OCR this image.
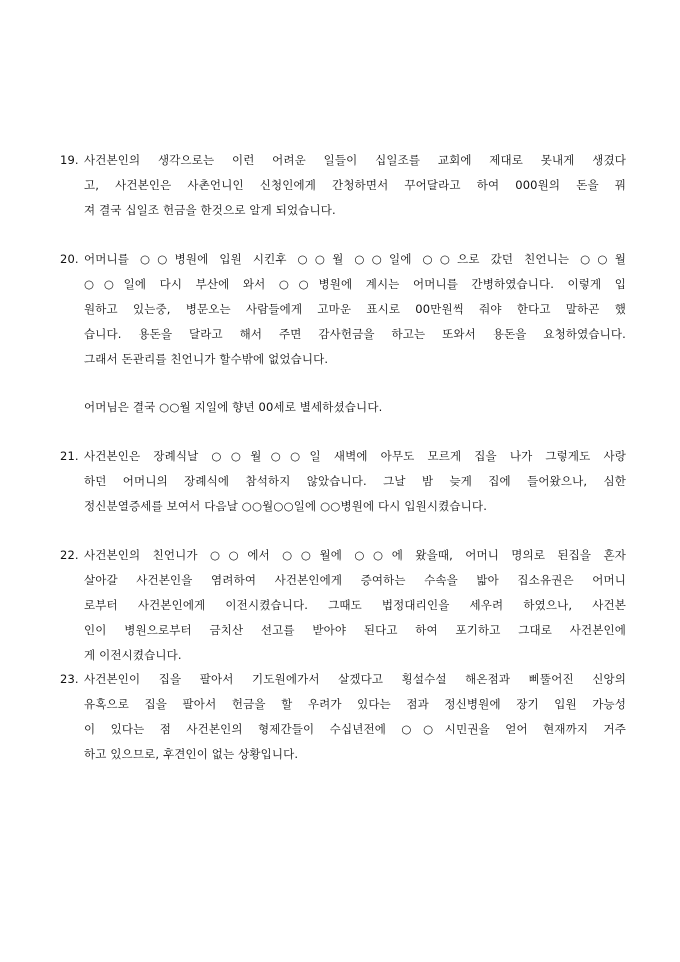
19. 사건본인의 생각으로는 이런 어려운 일들이 십일조를 교회에 제대로 못내게 생겼다
고, 사건본인은 사촌언니인 신청인에게 간청하면서 꾸어달라고 하여 000원의 돈을 꿔
져 결국 십일조 헌금을 한것으로 알게 되었습니다.
20. 어머니를 ○○병원에 입원 시킨후 ○○월 ○○일에 ○○으로 갔던 친언니는 ○○월
○○일에 다시 부산에 와서 ○○병원에 계시는 어머니를 간병하였습니다. 이렇게 입
원하고 있는중, 병문오는 사람들에게 고마운 표시로 00만원씩 줘야 한다고 말하곤 했
습니다. 용돈을 달라고 해서 주면 감사헌금을 하고는 또와서 용돈을 요청하였습니다.
그래서 돈관리를 친언니가 할수밖에 없었습니다.
어머님은 결국 ○○월 지일에 향년 00세로 별세하셨습니다.
21. 사건본인은 장례식날 ○○월○○일 새벽에 아무도 모르게 집을 나가 그렇게도 사랑
하던 어머니의 장례식에 참석하지 않았습니다. 그날 밤 늦게 집에 들어왔으나, 심한
정신분열증세를 보여서 다음날 ○○월○○일에 ○○병원에 다시 입원시켰습니다.
22. 사건본인의 친언니가 ○○에서 ○○월에 ○○에 왔을때, 어머니 명의로 된집을 혼자
살아갈 사건본인을 염려하여 사건본인에게 증여하는 수속을 밟아 집소유권은 어머니
로부터 사건본인에게 이전시켰습니다. 그때도 법정대리인을 세우려 하였으나, 사건본
인이 병원으로부터 금치산 선고를 받아야 된다고 하여 포기하고 그대로 사건본인에
게 이전시켰습니다.
23. 사건본인이 집을 팔아서 기도원에가서 살겠다고 횡설수설 해온점과 삐뚤어진 신앙의
유혹으로 집을 팔아서 헌금을 할 우려가 있다는 점과 정신병원에 장기 입원 가능성
이 있다는 점 사건본인의 형제간들이 수십년전에 ○○시민권을 얻어 현재까지 거주
하고 있으므로, 후견인이 없는 상황입니다.
